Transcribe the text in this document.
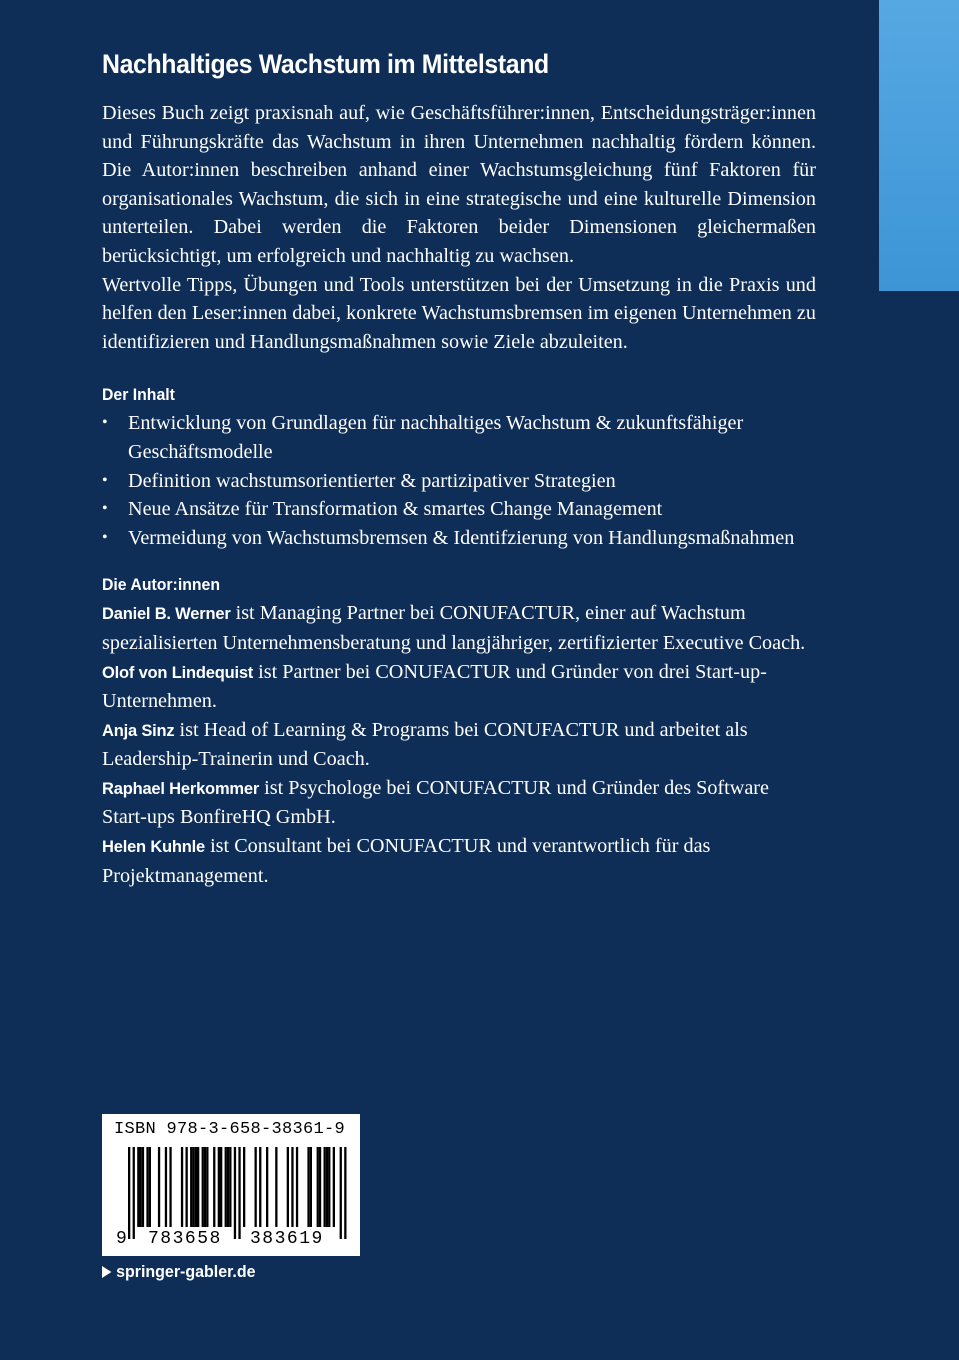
Nachhaltiges Wachstum im Mittelstand

Dieses Buch zeigt praxisnah auf, wie Geschäftsführer:innen, Entscheidungsträger:innen und Führungskräfte das Wachstum in ihren Unternehmen nachhaltig fördern können. Die Autor:innen beschreiben anhand einer Wachstumsgleichung fünf Faktoren für organisationales Wachstum, die sich in eine strategische und eine kulturelle Dimension unterteilen. Dabei werden die Faktoren beider Dimensionen gleichermaßen berücksichtigt, um erfolgreich und nachhaltig zu wachsen.

Wertvolle Tipps, Übungen und Tools unterstützen bei der Umsetzung in die Praxis und helfen den Leser:innen dabei, konkrete Wachstumsbremsen im eigenen Unternehmen zu identifizieren und Handlungsmaßnahmen sowie Ziele abzuleiten.

Der Inhalt
• Entwicklung von Grundlagen für nachhaltiges Wachstum & zukunftsfähiger Geschäftsmodelle
• Definition wachstumsorientierter & partizipativer Strategien
• Neue Ansätze für Transformation & smartes Change Management
• Vermeidung von Wachstumsbremsen & Identifzierung von Handlungsmaßnahmen
Die Autor:innen

Daniel B. Werner ist Managing Partner bei CONUFACTUR, einer auf Wachstum spezialisierten Unternehmensberatung und langjähriger, zertifizierter Executive Coach.

Olof von Lindequist ist Partner bei CONUFACTUR und Gründer von drei Start-up-Unternehmen.

Anja Sinz ist Head of Learning & Programs bei CONUFACTUR und arbeitet als Leadership-Trainerin und Coach.

Raphael Herkommer ist Psychologe bei CONUFACTUR und Gründer des Software Start-ups BonfireHQ GmbH.

Helen Kuhnle ist Consultant bei CONUFACTUR und verantwortlich für das Projektmanagement.

ISBN 978-3-658-38361-9
9 783658 383619
springer-gabler.de
